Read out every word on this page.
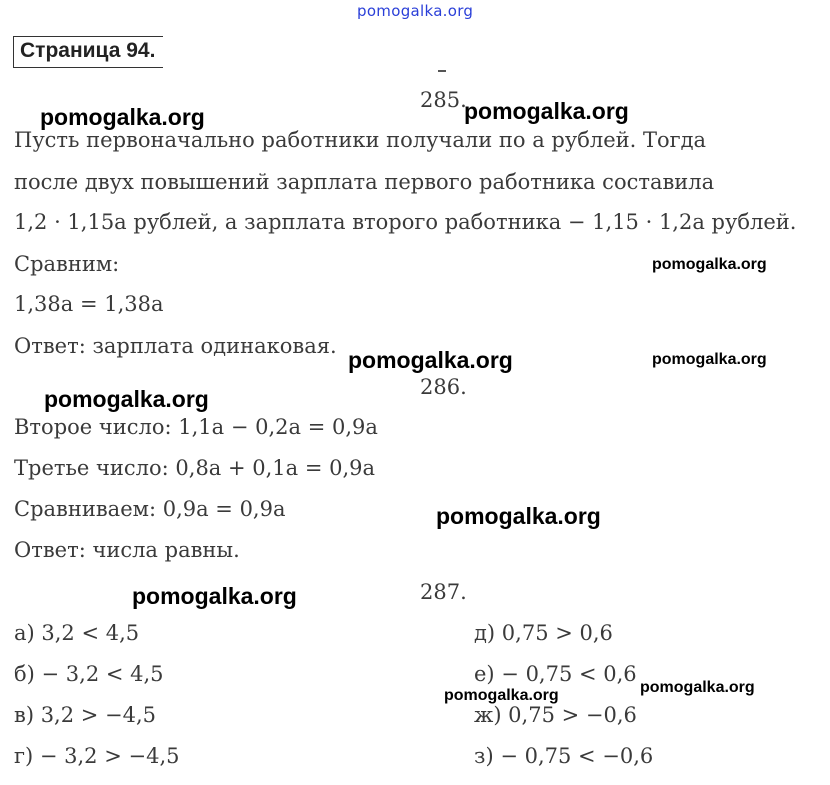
pomogalka.org
Страница 94.
285.
Пусть первоначально работники получали по a рублей. Тогда
после двух повышений зарплата первого работника составила
1,2 · 1,15a рублей, а зарплата второго работника − 1,15 · 1,2a рублей.
Сравним:
1,38a = 1,38a
Ответ: зарплата одинаковая.
286.
Второе число: 1,1a − 0,2a = 0,9a
Третье число: 0,8a + 0,1a = 0,9a
Сравниваем: 0,9a = 0,9a
Ответ: числа равны.
287.
а) 3,2 < 4,5
б) − 3,2 < 4,5
в) 3,2 > −4,5
г) − 3,2 > −4,5
д) 0,75 > 0,6
е) − 0,75 < 0,6
ж) 0,75 > −0,6
з) − 0,75 < −0,6
pomogalka.org	pomogalka.org
pomogalka.org
pomogalka.org	pomogalka.org
pomogalka.org
pomogalka.org
pomogalka.org
pomogalka.org
pomogalka.org
